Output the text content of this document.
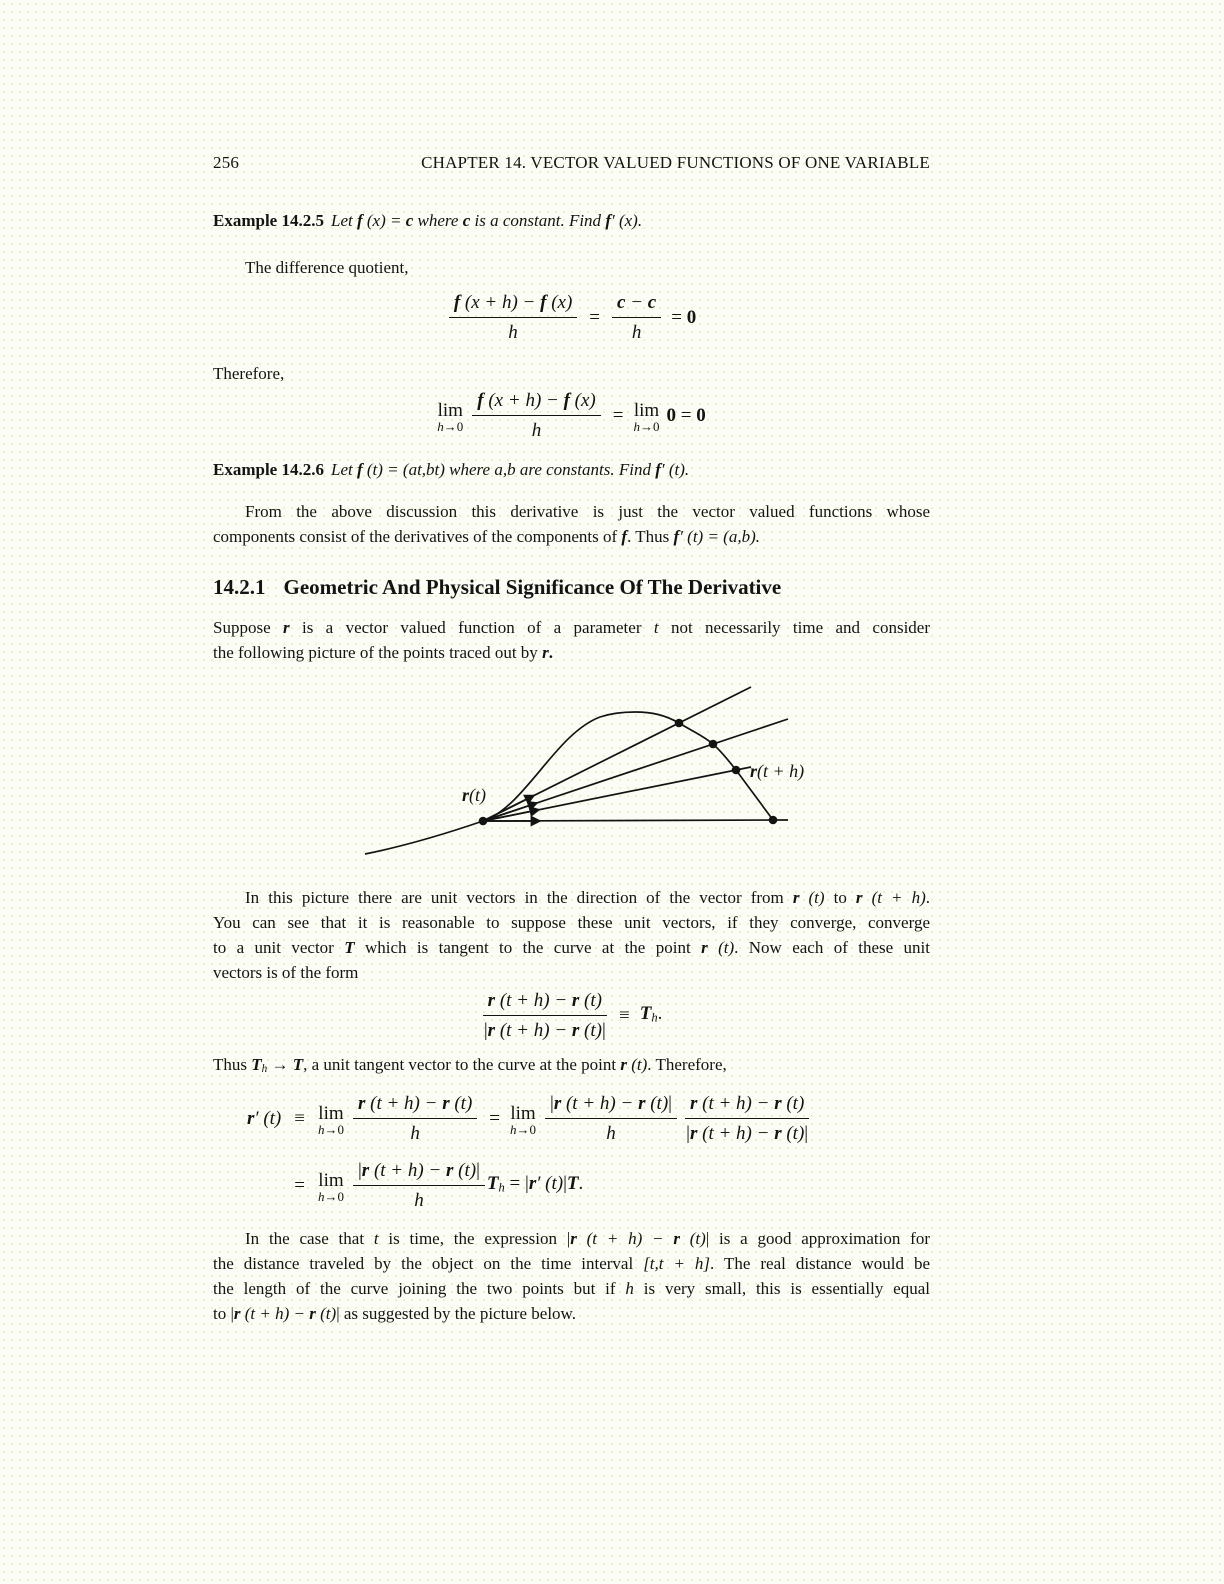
256	CHAPTER 14. VECTOR VALUED FUNCTIONS OF ONE VARIABLE

Example 14.2.5 Let f (x) = c where c is a constant. Find f′ (x).

The difference quotient,

$\frac{f (x + h) - f (x)}{h} = \frac{c - c}{h} = 0$

Therefore,

lim
$h\to 0 \frac{f (x + h) - f (x)}{h} = \lim$
h→0 0 = 0

Example 14.2.6 Let f (t) = (at,bt) where a,b are constants. Find f′ (t).

From the above discussion this derivative is just the vector valued functions whose
components consist of the derivatives of the components of f. Thus f′ (t) = (a,b).
14.2.1 Geometric And Physical Significance Of The Derivative
Suppose r is a vector valued function of a parameter t not necessarily time and consider
the following picture of the points traced out by r.
r(t)
r(t + h)
In this picture there are unit vectors in the direction of the vector from r (t) to r (t + h).
You can see that it is reasonable to suppose these unit vectors, if they converge, converge
to a unit vector T which is tangent to the curve at the point r (t). Now each of these unit
vectors is of the form
$\frac{r (t + h) - r (t)}{|r (t + h) - r (t)|} \equiv Th$.

Thus Th → T, a unit tangent vector to the curve at the point r (t). Therefore,

r′ (t) ≡ lim
$h\to 0 \frac{r (t + h) - r (t)}{h} = \lim$
$h\to 0 \frac{|r (t + h) - r (t)|}{h} \frac{r (t + h) - r (t)}{|r (t + h) - r (t)|}$
= lim
$h\to 0 \frac{|r (t + h) - r (t)|}{h}$ Th = |r′ (t)|T.
In the case that t is time, the expression |r (t + h) − r (t)| is a good approximation for
the distance traveled by the object on the time interval [t,t + h]. The real distance would be
the length of the curve joining the two points but if h is very small, this is essentially equal
to |r (t + h) − r (t)| as suggested by the picture below.
